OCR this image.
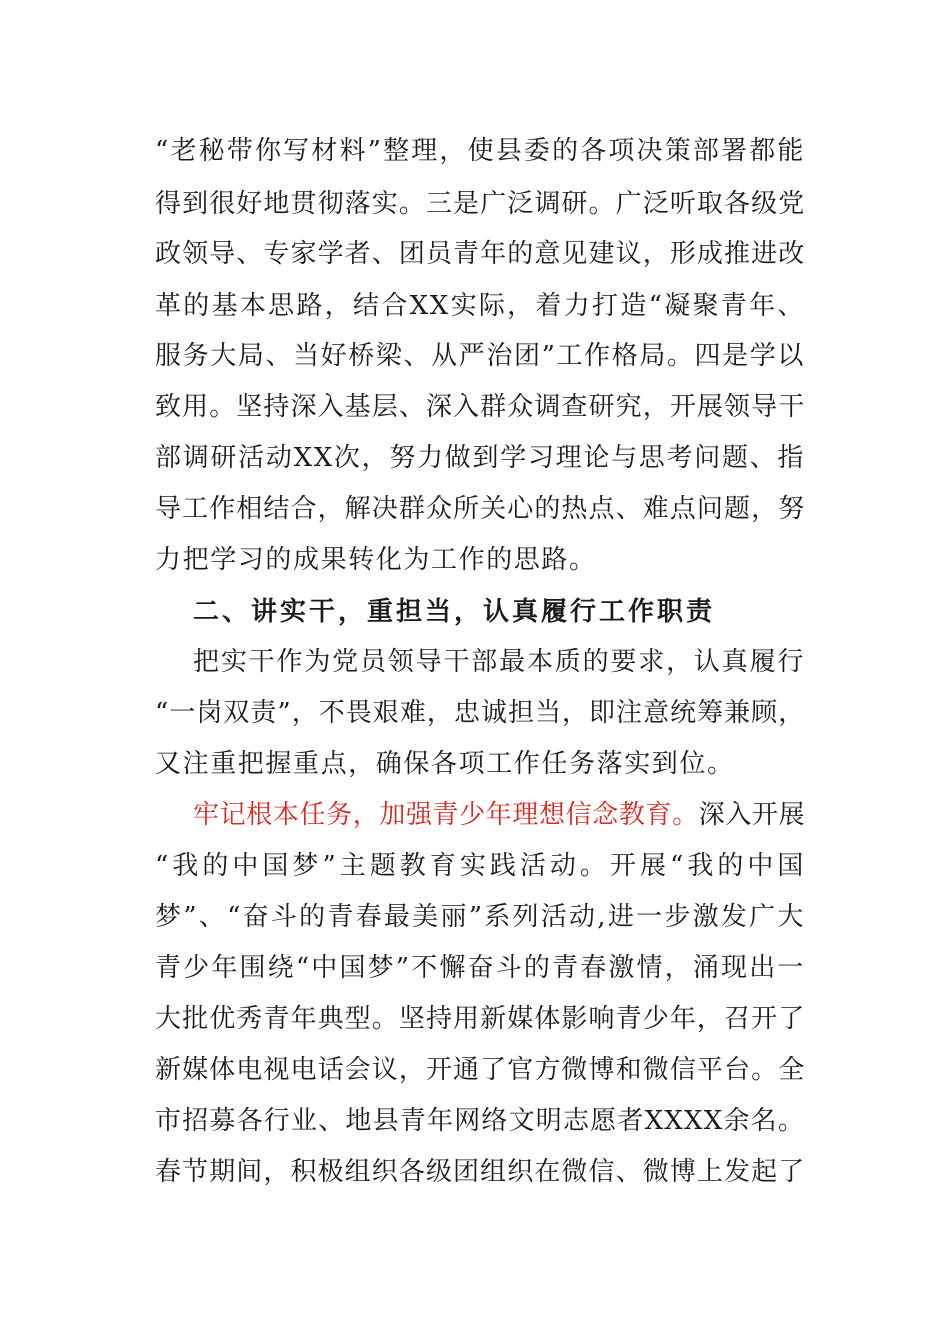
“老秘带你写材料”整理，使县委的各项决策部署都能
得到很好地贯彻落实。三是广泛调研。广泛听取各级党
政领导、专家学者、团员青年的意见建议，形成推进改
革的基本思路，结合XX实际，着力打造“凝聚青年、
服务大局、当好桥梁、从严治团”工作格局。四是学以
致用。坚持深入基层、深入群众调查研究，开展领导干
部调研活动XX次，努力做到学习理论与思考问题、指
导工作相结合，解决群众所关心的热点、难点问题，努
力把学习的成果转化为工作的思路。
二、讲实干，重担当，认真履行工作职责
把实干作为党员领导干部最本质的要求，认真履行
“一岗双责”，不畏艰难，忠诚担当，即注意统筹兼顾，
又注重把握重点，确保各项工作任务落实到位。
牢记根本任务，加强青少年理想信念教育。深入开展
“我的中国梦”主题教育实践活动。开展“我的中国
梦”、“奋斗的青春最美丽”系列活动,进一步激发广大
青少年围绕“中国梦”不懈奋斗的青春激情，涌现出一
大批优秀青年典型。坚持用新媒体影响青少年，召开了
新媒体电视电话会议，开通了官方微博和微信平台。全
市招募各行业、地县青年网络文明志愿者XXXX余名。
春节期间，积极组织各级团组织在微信、微博上发起了
